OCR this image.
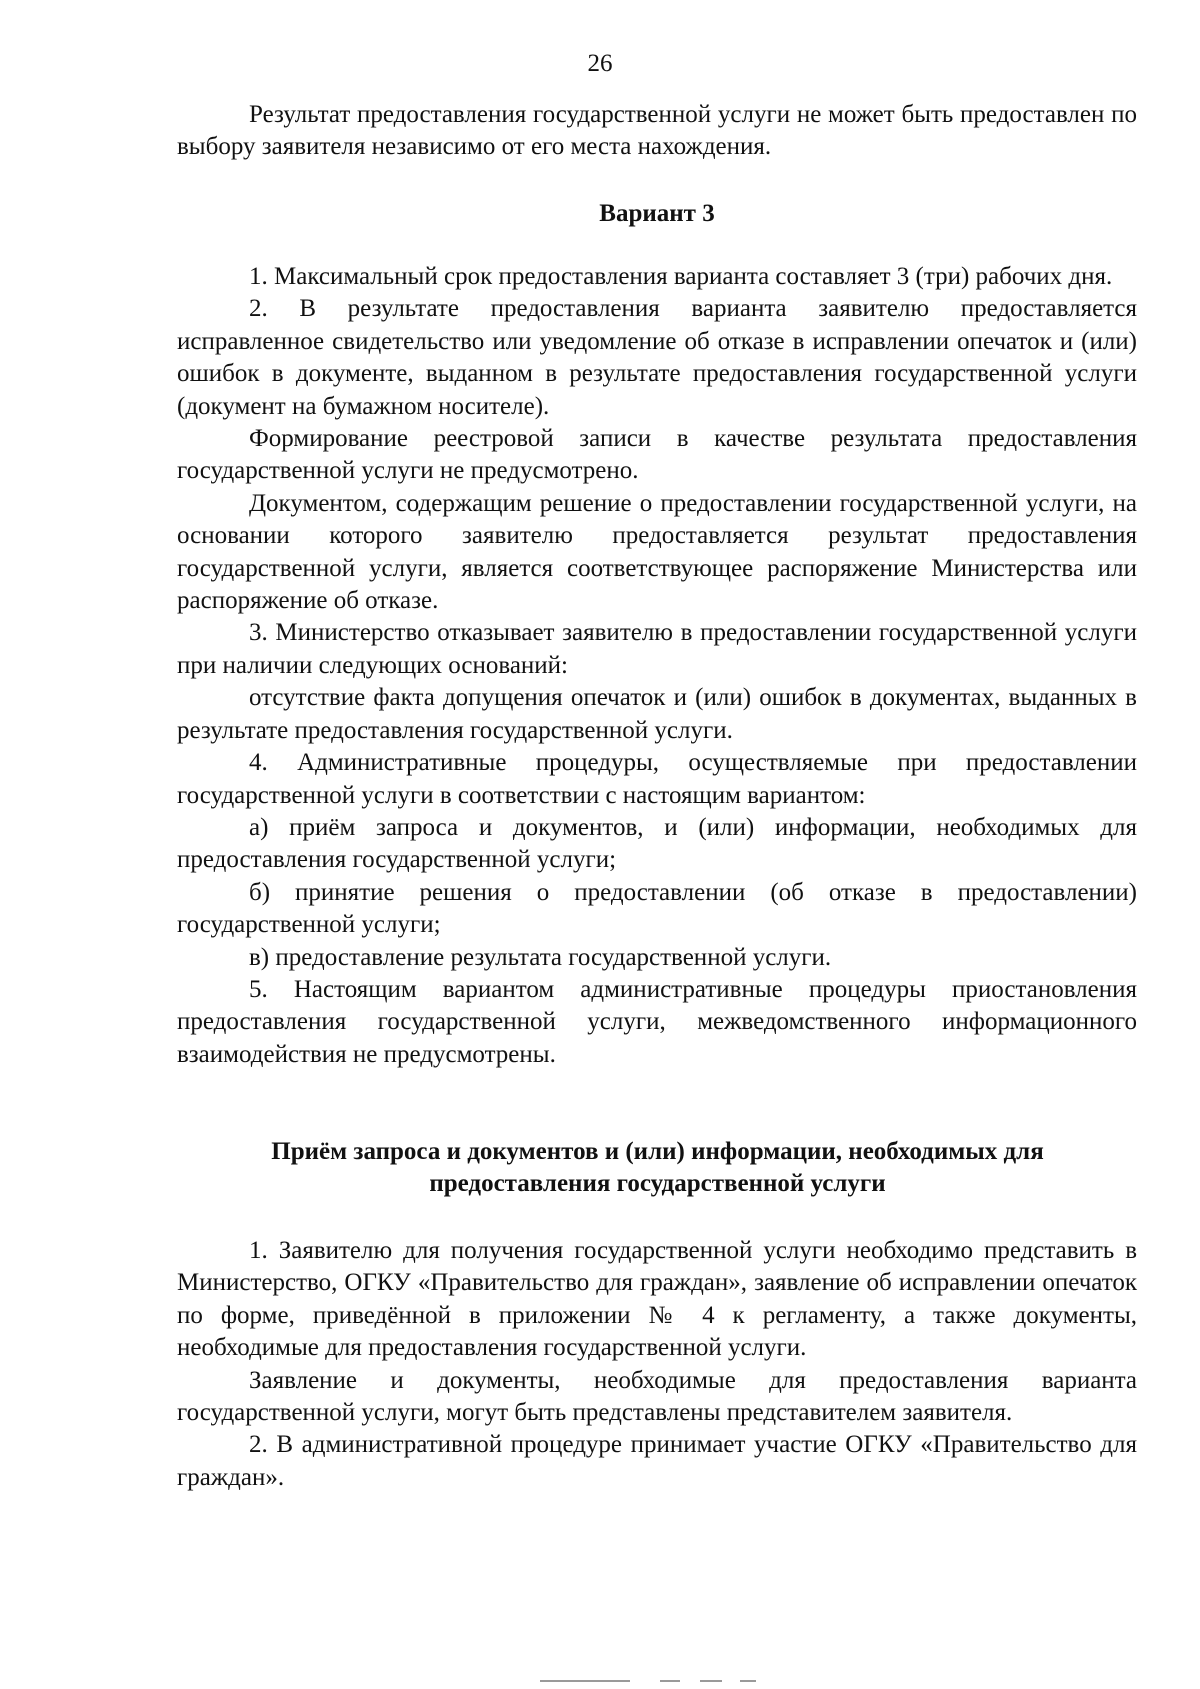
26

Результат предоставления государственной услуги не может быть предоставлен по выбору заявителя независимо от его места нахождения.

Вариант 3

1. Максимальный срок предоставления варианта составляет 3 (три) рабочих дня.

2. В результате предоставления варианта заявителю предоставляется исправленное свидетельство или уведомление об отказе в исправлении опечаток и (или) ошибок в документе, выданном в результате предоставления государственной услуги (документ на бумажном носителе).

Формирование реестровой записи в качестве результата предоставления государственной услуги не предусмотрено.

Документом, содержащим решение о предоставлении государственной услуги, на основании которого заявителю предоставляется результат предоставления государственной услуги, является соответствующее распоряжение Министерства или распоряжение об отказе.

3. Министерство отказывает заявителю в предоставлении государственной услуги при наличии следующих оснований:

отсутствие факта допущения опечаток и (или) ошибок в документах, выданных в результате предоставления государственной услуги.

4. Административные процедуры, осуществляемые при предоставлении государственной услуги в соответствии с настоящим вариантом:

а) приём запроса и документов, и (или) информации, необходимых для предоставления государственной услуги;

б) принятие решения о предоставлении (об отказе в предоставлении) государственной услуги;

в) предоставление результата государственной услуги.

5. Настоящим вариантом административные процедуры приостановления предоставления государственной услуги, межведомственного информационного взаимодействия не предусмотрены.

Приём запроса и документов и (или) информации, необходимых для

предоставления государственной услуги

1. Заявителю для получения государственной услуги необходимо представить в Министерство, ОГКУ «Правительство для граждан», заявление об исправлении опечаток по форме, приведённой в приложении № 4 к регламенту, а также документы, необходимые для предоставления государственной услуги.

Заявление и документы, необходимые для предоставления варианта государственной услуги, могут быть представлены представителем заявителя.

2. В административной процедуре принимает участие ОГКУ «Правительство для граждан».
